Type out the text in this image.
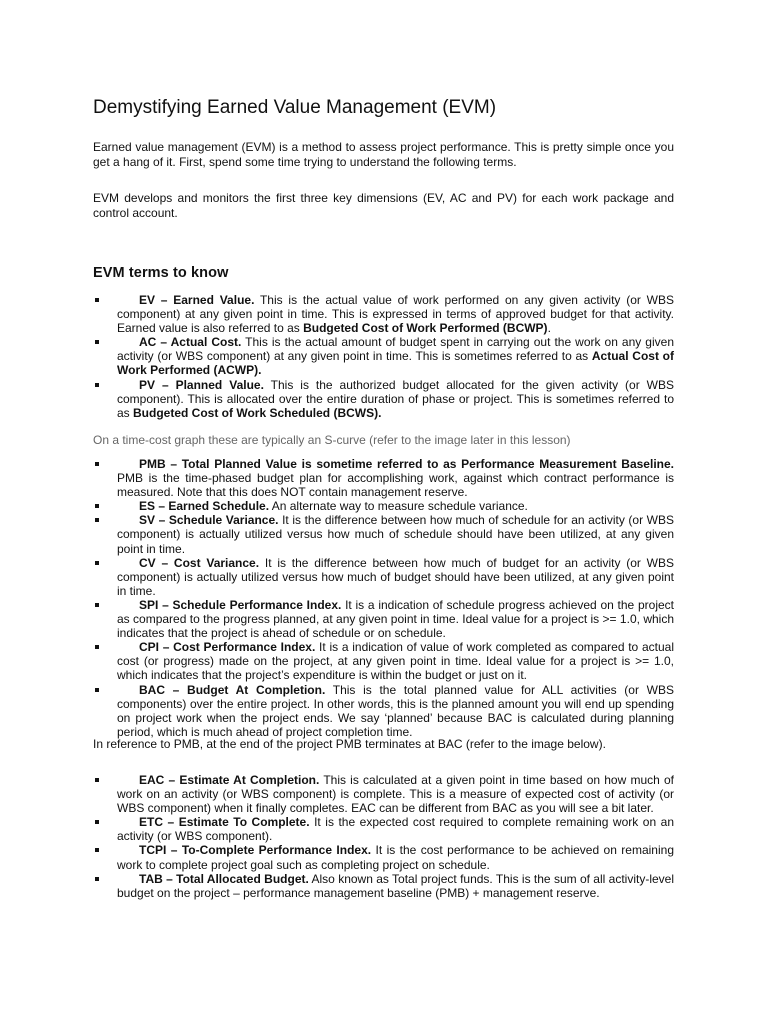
Demystifying Earned Value Management (EVM)

Earned value management (EVM) is a method to assess project performance. This is pretty simple once you get a hang of it. First, spend some time trying to understand the following terms.

EVM develops and monitors the first three key dimensions (EV, AC and PV) for each work package and control account.

EVM terms to know
EV – Earned Value. This is the actual value of work performed on any given activity (or WBS component) at any given point in time. This is expressed in terms of approved budget for that activity. Earned value is also referred to as Budgeted Cost of Work Performed (BCWP).
AC – Actual Cost. This is the actual amount of budget spent in carrying out the work on any given activity (or WBS component) at any given point in time. This is sometimes referred to as Actual Cost of Work Performed (ACWP).
PV – Planned Value. This is the authorized budget allocated for the given activity (or WBS component). This is allocated over the entire duration of phase or project. This is sometimes referred to as Budgeted Cost of Work Scheduled (BCWS).

On a time-cost graph these are typically an S-curve (refer to the image later in this lesson)

PMB – Total Planned Value is sometime referred to as Performance Measurement Baseline. PMB is the time-phased budget plan for accomplishing work, against which contract performance is measured. Note that this does NOT contain management reserve.
ES – Earned Schedule. An alternate way to measure schedule variance.
SV – Schedule Variance. It is the difference between how much of schedule for an activity (or WBS component) is actually utilized versus how much of schedule should have been utilized, at any given point in time.
CV – Cost Variance. It is the difference between how much of budget for an activity (or WBS component) is actually utilized versus how much of budget should have been utilized, at any given point in time.
SPI – Schedule Performance Index. It is a indication of schedule progress achieved on the project as compared to the progress planned, at any given point in time. Ideal value for a project is >= 1.0, which indicates that the project is ahead of schedule or on schedule.
CPI – Cost Performance Index. It is a indication of value of work completed as compared to actual cost (or progress) made on the project, at any given point in time. Ideal value for a project is >= 1.0, which indicates that the project’s expenditure is within the budget or just on it.
BAC – Budget At Completion. This is the total planned value for ALL activities (or WBS components) over the entire project. In other words, this is the planned amount you will end up spending on project work when the project ends. We say ‘planned’ because BAC is calculated during planning period, which is much ahead of project completion time.

In reference to PMB, at the end of the project PMB terminates at BAC (refer to the image below).

EAC – Estimate At Completion. This is calculated at a given point in time based on how much of work on an activity (or WBS component) is complete. This is a measure of expected cost of activity (or WBS component) when it finally completes. EAC can be different from BAC as you will see a bit later.
ETC – Estimate To Complete. It is the expected cost required to complete remaining work on an activity (or WBS component).
TCPI – To-Complete Performance Index. It is the cost performance to be achieved on remaining work to complete project goal such as completing project on schedule.
TAB – Total Allocated Budget. Also known as Total project funds. This is the sum of all activity-level budget on the project – performance management baseline (PMB) + management reserve.
